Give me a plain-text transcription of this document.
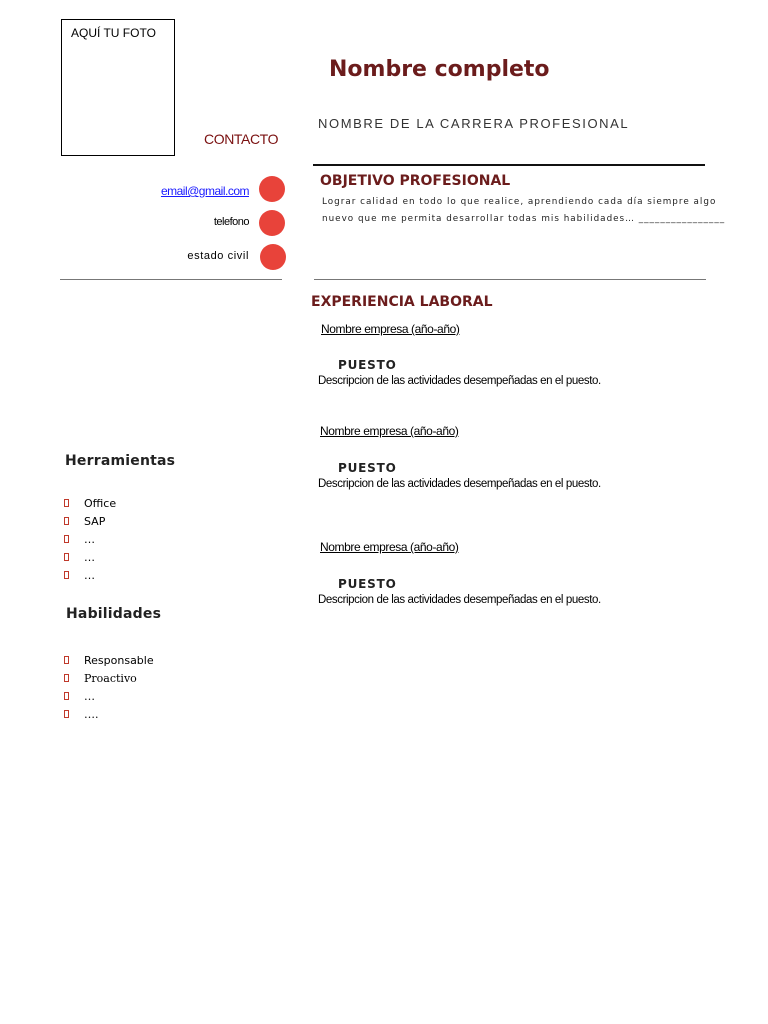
AQUÍ TU FOTO
Nombre completo
NOMBRE DE LA CARRERA PROFESIONAL
CONTACTO
OBJETIVO PROFESIONAL
Lograr calidad en todo lo que realice, aprendiendo cada día siempre algo nuevo que me permita desarrollar todas mis habilidades… ________________
email@gmail.com
telefono
estado civil
EXPERIENCIA LABORAL
Nombre empresa (año-año)
PUESTO
Descripcion de las actividades desempeñadas en el puesto.
Nombre empresa (año-año)
PUESTO
Descripcion de las actividades desempeñadas en el puesto.
Nombre empresa (año-año)
PUESTO
Descripcion de las actividades desempeñadas en el puesto.
Herramientas
Office
SAP
…
…
…
Habilidades
Responsable
Proactivo
…
….
